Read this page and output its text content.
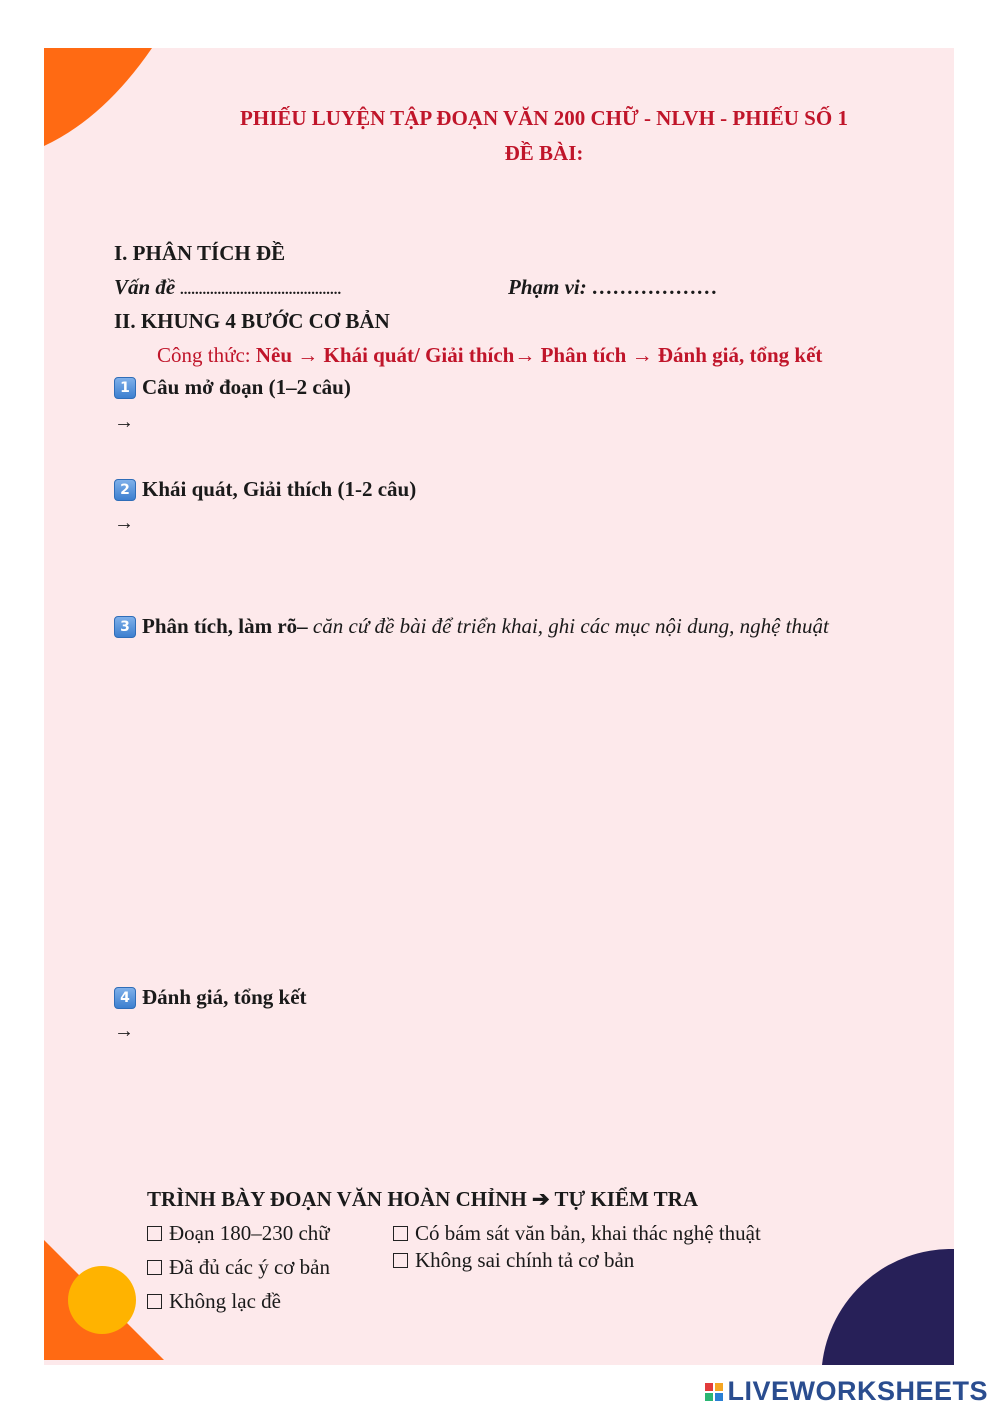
PHIẾU LUYỆN TẬP ĐOẠN VĂN 200 CHỮ - NLVH - PHIẾU SỐ 1
ĐỀ BÀI:
I. PHÂN TÍCH ĐỀ
Vấn đề ...........................................	Phạm vi: ………………
II. KHUNG 4 BƯỚC CƠ BẢN
Công thức: Nêu → Khái quát/ Giải thích→ Phân tích → Đánh giá, tổng kết
1 Câu mở đoạn (1–2 câu)
→
2 Khái quát, Giải thích (1-2 câu)
→
3 Phân tích, làm rõ– căn cứ đề bài để triển khai, ghi các mục nội dung, nghệ thuật
4 Đánh giá, tổng kết
→
TRÌNH BÀY ĐOẠN VĂN HOÀN CHỈNH ➔ TỰ KIỂM TRA
Đoạn 180–230 chữ
Đã đủ các ý cơ bản
Không lạc đề
Có bám sát văn bản, khai thác nghệ thuật
Không sai chính tả cơ bản
LIVEWORKSHEETS
